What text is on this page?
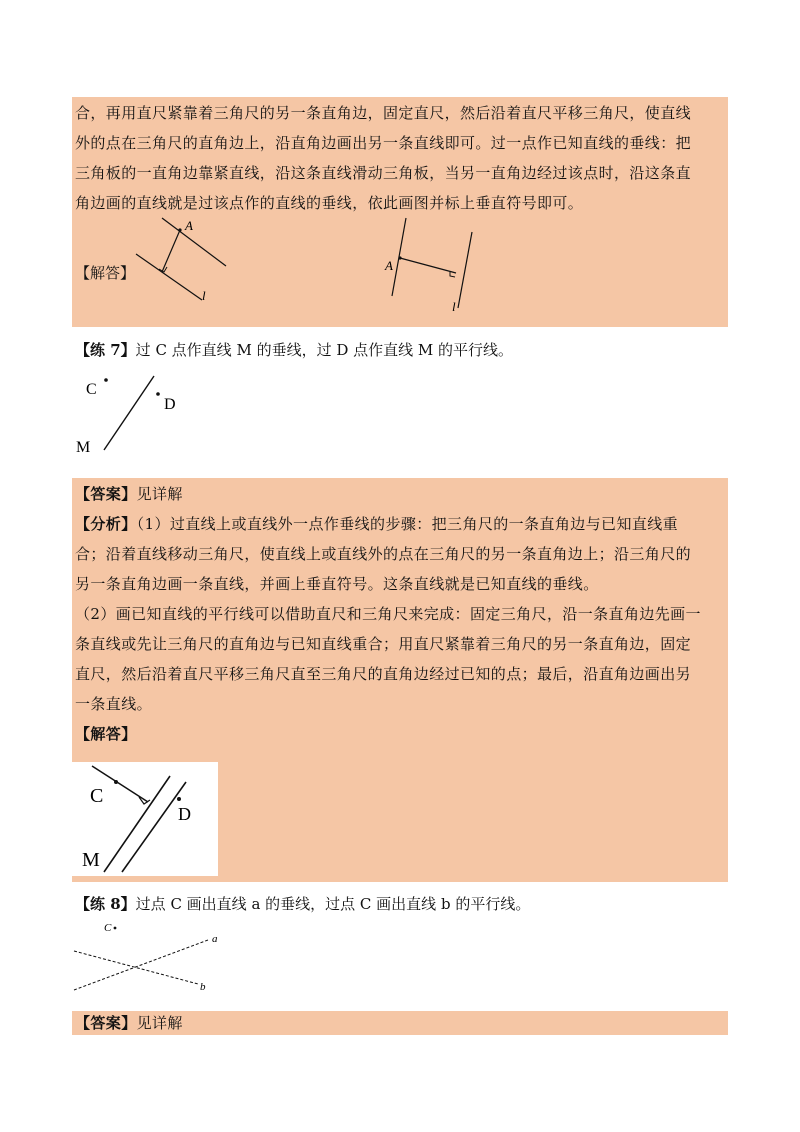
合，再用直尺紧靠着三角尺的另一条直角边，固定直尺，然后沿着直尺平移三角尺，使直线
外的点在三角尺的直角边上，沿直角边画出另一条直线即可。过一点作已知直线的垂线：把
三角板的一直角边靠紧直线，沿这条直线滑动三角板，当另一直角边经过该点时，沿这条直
角边画的直线就是过该点作的直线的垂线，依此画图并标上垂直符号即可。
【解答】
A
l
A
l
【练 7】过 C 点作直线 M 的垂线，过 D 点作直线 M 的平行线。
C
D
M
【答案】见详解
【分析】（1）过直线上或直线外一点作垂线的步骤：把三角尺的一条直角边与已知直线重
合；沿着直线移动三角尺，使直线上或直线外的点在三角尺的另一条直角边上；沿三角尺的
另一条直角边画一条直线，并画上垂直符号。这条直线就是已知直线的垂线。
（2）画已知直线的平行线可以借助直尺和三角尺来完成：固定三角尺，沿一条直角边先画一
条直线或先让三角尺的直角边与已知直线重合；用直尺紧靠着三角尺的另一条直角边，固定
直尺，然后沿着直尺平移三角尺直至三角尺的直角边经过已知的点；最后，沿直角边画出另
一条直线。
【解答】
C
D
M
【练 8】过点 C 画出直线 a 的垂线，过点 C 画出直线 b 的平行线。
C
a
b
【答案】见详解
